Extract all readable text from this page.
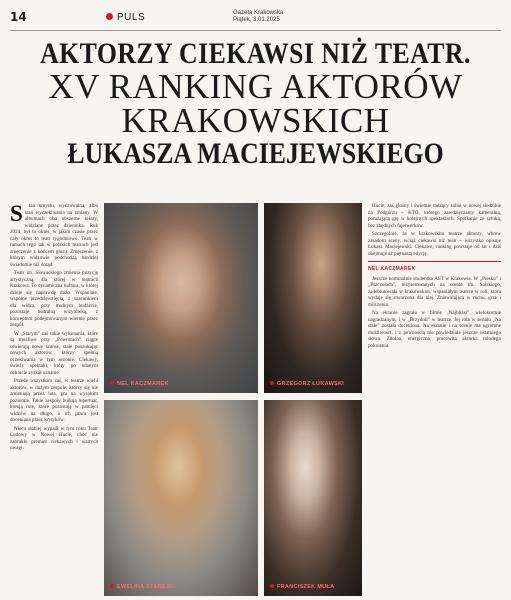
14	PULS	Gazeta Krakowska
Piątek, 3.01.2025
AKTORZY CIEKAWSI NIŻ TEATR.
XV RANKING AKTORÓW
KRAKOWSKICH
ŁUKASZA MACIEJEWSKIEGO
S	tan umysłu, wyczuwalna, albo stan wyczekiwania na zmiany. W albumach oba obszerne teksty, widziane przez dziennika. Rok 2024, był to okres, w jakim czasie przez cały okres to teatr tygodniowo. Teatr w ramach tego tak w polskich teatrach jest zmęczenie z końcem głosu. Zmęczenie, z którym widzowie podchodzą bardziej świadomie niż dotąd.

Teatr im. Słowackiego zmienia pozycję artystyczną, dla której w teatrach Krakowa. To dynamiczna kultura, w której dzieje się naprawdę dużo. Wspaniałe, wspólne przedsięwzięcia, z szacunkiem dla widza, przy trudnym budżecie, pozostaje teatralną wizytówką, z konceptem podejmowanym wiernie przez zespół.

W „Starym” zaś takie wykonania, które są możliwe przy „Powrotach” ciągle otwierają nowe szanse, stale poszukując nowych aktorów, którzy spełnią oczekiwania w tym sezonie. Ciekawy, świeży spektakl, który po udanym debiucie zyskał uznanie.

Przede wszystkim zaś, w teatrze wielu aktorów, w dużym zespole, którzy się nie zmieniają przez lata, gra na wysokim poziomie. Takie zespoły budują repertuar, kreują role, które pozostają w pamięci widzów na długo, a ich praca jest doceniana przez krytyków.

Nieco słabiej wypadł w tym roku Teatr Ludowy w Nowej Hucie, choć nie zabrakło premier ciekawych i wartych uwagi.

NEL KACZMAREK	GRZEGORZ ŁUKAWSKI
EWELINA STAREJKI	FRANCISZEK MUŁA

Hucie, zaś głośny i świetnie radzący sobie w nowej siedzibie na Podgórzu – KTO, którego zawdzięczamy kameralną, porażającą grę w kolejnych spektaklach. Spotkanie ze sztuką, bez zbędnych fajerwerków.

Szczególnie, że w krakowskim teatrze aktorzy, wbrew zasadom sceny, wciąż ciekawsi niż teatr – wszystko opisuje Łukasz Maciejewski. Ciekawe, ranking powstaje od lat i dziś obejmuje aż piętnastą edycję.

NEL KACZMAREK

Jeszcze nominalnie studentka AST w Krakowie. W „Piesku” i „Pszczołach”, reżyserowanych na scenie im. Solskiego, zadebiutowała w krakowskim, wspaniałym teatrze w roli, która wydaje się stworzona dla niej. Zniewalająca w ruchu, grze i milczeniu.

Na ekranie zagrała w filmie „Najbliżsi”, wielokrotnie nagradzanym, i w „Brzyduli” w teatrze. Jej rola w serialu „Na stałe” została doceniona. Na ekranie i na scenie ma ogromne możliwości, i z pewnością nie powiedziała jeszcze ostatniego słowa. Zdolna, energiczna, pracowita aktorka młodego pokolenia.
